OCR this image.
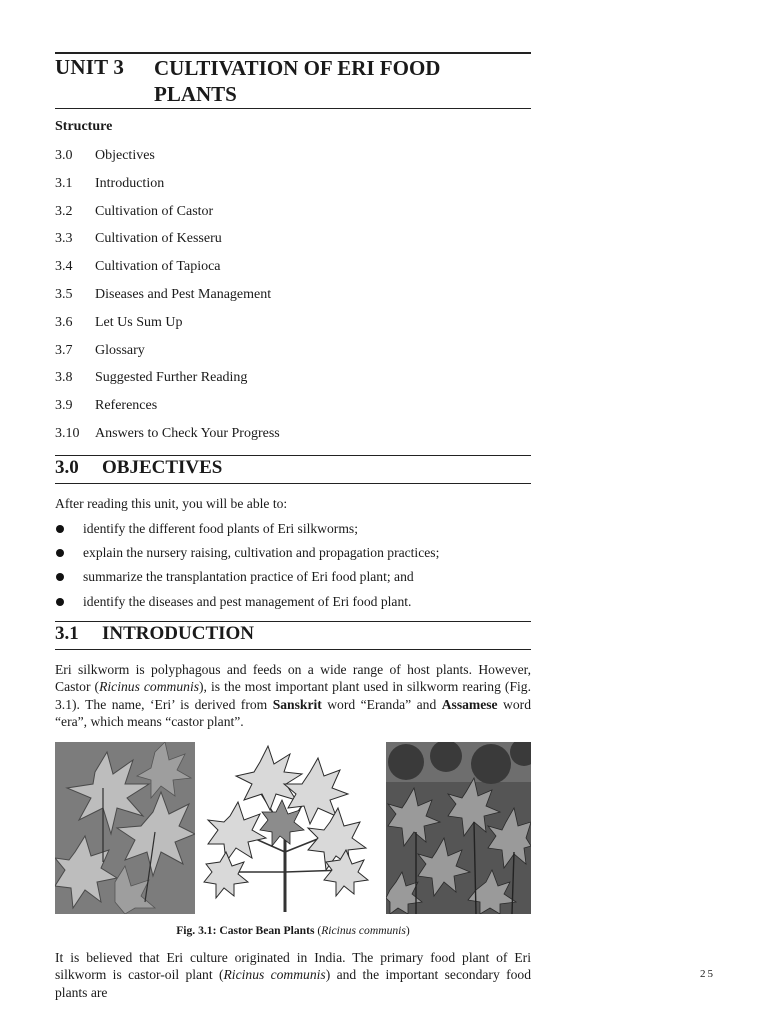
UNIT 3 CULTIVATION OF ERI FOOD
PLANTS
Structure
3.0 Objectives
3.1 Introduction
3.2 Cultivation of Castor
3.3 Cultivation of Kesseru
3.4 Cultivation of Tapioca
3.5 Diseases and Pest Management
3.6 Let Us Sum Up
3.7 Glossary
3.8 Suggested Further Reading
3.9 References
3.10 Answers to Check Your Progress
3.0 OBJECTIVES

After reading this unit, you will be able to:

identify the different food plants of Eri silkworms;
explain the nursery raising, cultivation and propagation practices;
summarize the transplantation practice of Eri food plant; and
identify the diseases and pest management of Eri food plant.
3.1 INTRODUCTION

Eri silkworm is polyphagous and feeds on a wide range of host plants. However, Castor (Ricinus communis), is the most important plant used in silkworm rearing (Fig. 3.1). The name, ‘Eri’ is derived from Sanskrit word “Eranda” and Assamese word “era”, which means “castor plant”.

Fig. 3.1: Castor Bean Plants (Ricinus communis)

It is believed that Eri culture originated in India. The primary food plant of Eri silkworm is castor-oil plant (Ricinus communis) and the important secondary food plants are

25
